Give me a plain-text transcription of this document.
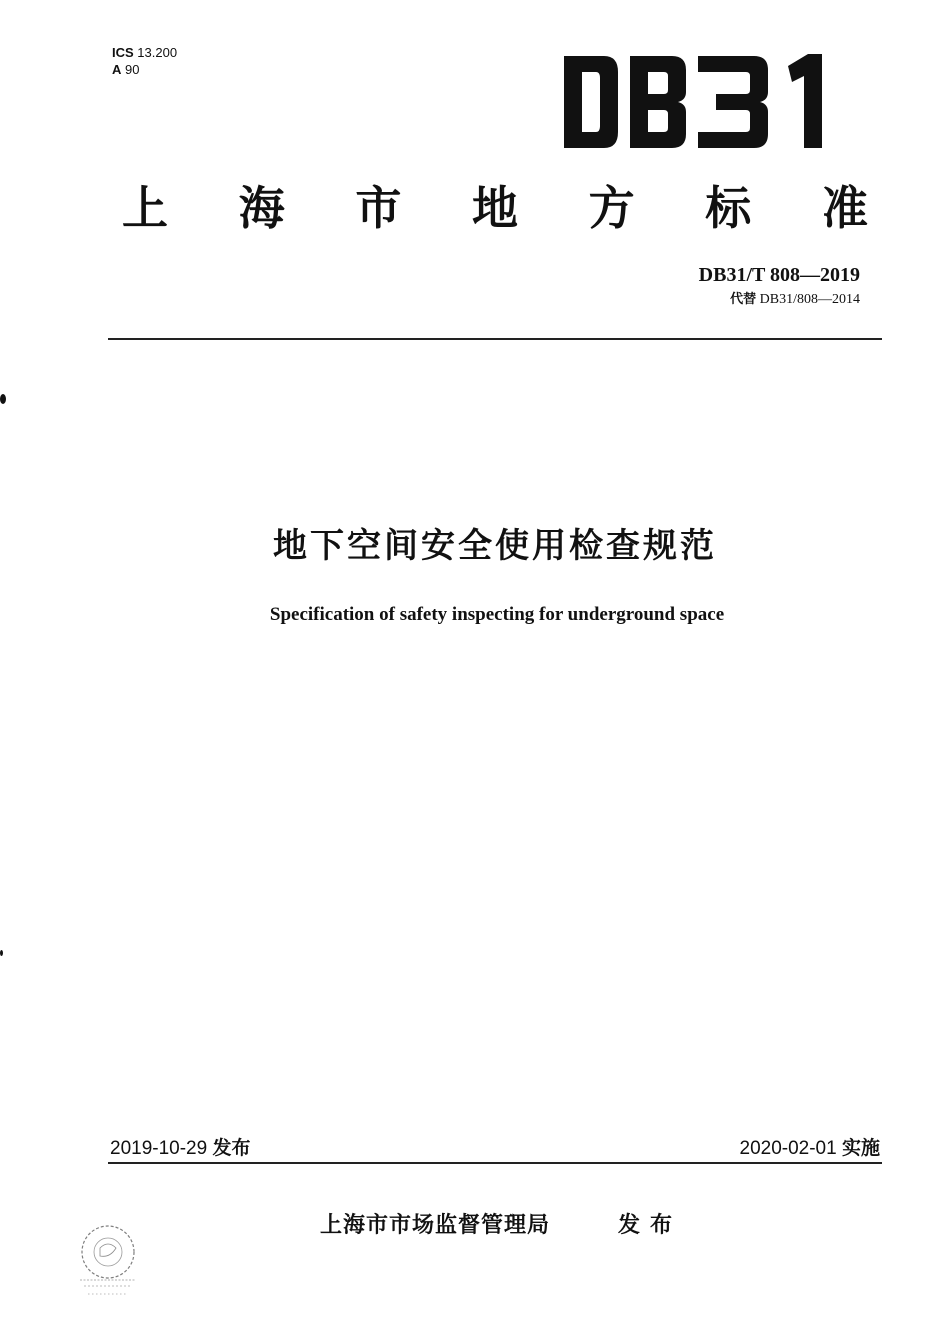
ICS 13.200
A 90
上 海 市 地 方 标 准
DB31/T 808—2019
代替 DB31/808—2014
地下空间安全使用检查规范
Specification of safety inspecting for underground space
2019-10-29 发布	2020-02-01 实施
上海市市场监督管理局	发布
